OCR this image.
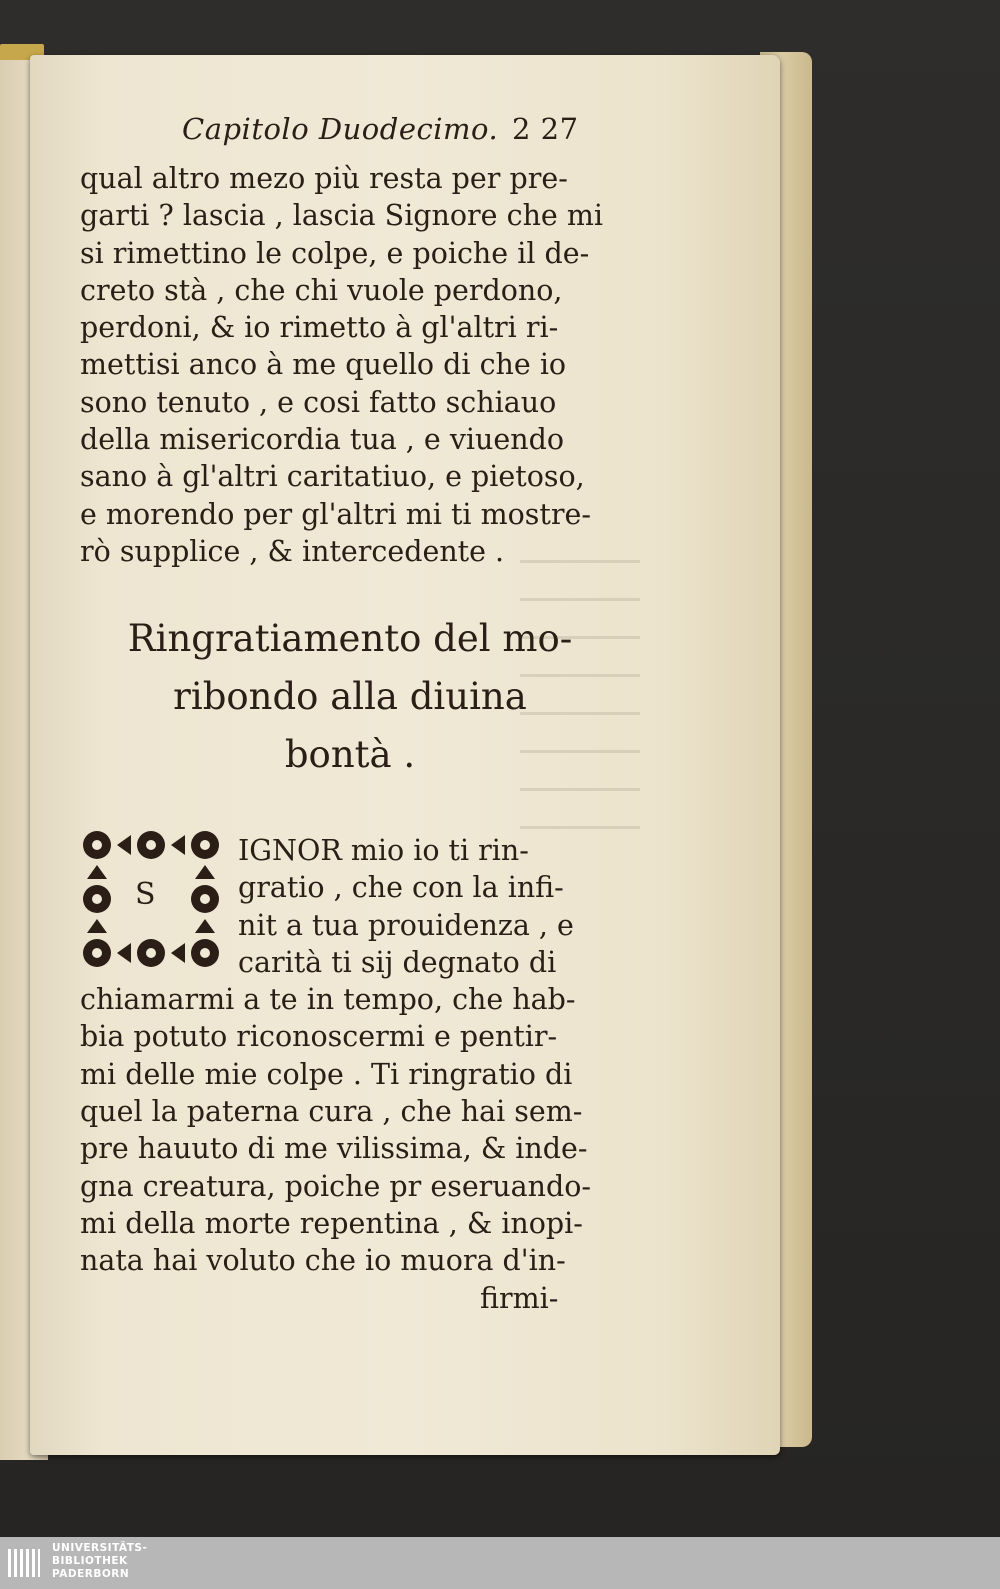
Capitolo Duodecimo. 2 27
qual altro mezo più resta per pre-
garti ? lascia , lascia Signore che mi
si rimettino le colpe, e poiche il de-
creto stà , che chi vuole perdono,
perdoni, & io rimetto à gl'altri ri-
mettisi anco à me quello di che io
sono tenuto , e cosi fatto schiauo
della misericordia tua , e viuendo
sano à gl'altri caritatiuo, e pietoso,
e morendo per gl'altri mi ti mostre-
rò supplice , & intercedente .
Ringratiamento del mo-
ribondo alla diuina
bontà .
S
IGNOR mio io ti rin-
gratio , che con la infi-
nit a tua prouidenza , e
carità ti sij degnato di
chiamarmi a te in tempo, che hab-
bia potuto riconoscermi e pentir-
mi delle mie colpe . Ti ringratio di
quel la paterna cura , che hai sem-
pre hauuto di me vilissima, & inde-
gna creatura, poiche pr eseruando-
mi della morte repentina , & inopi-
nata hai voluto che io muora d'in-
firmi-
UNIVERSITÄTS-
BIBLIOTHEK
PADERBORN
